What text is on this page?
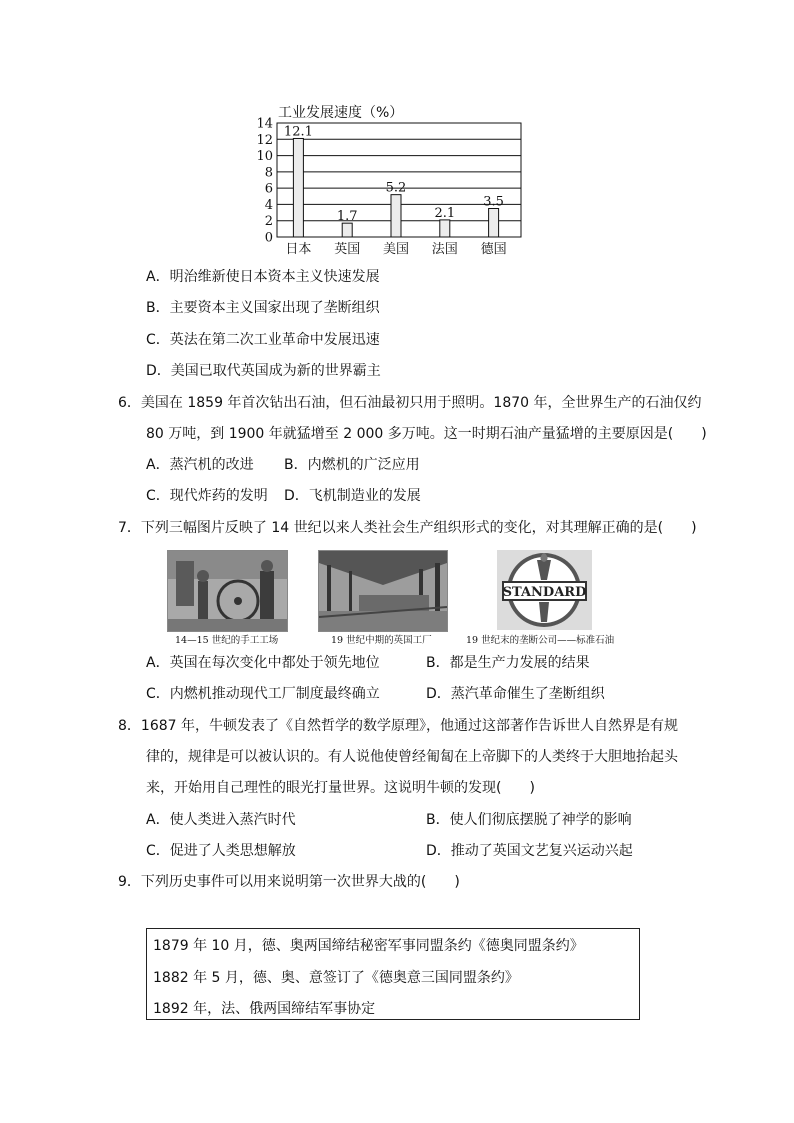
工业发展速度（%）
0
2
4
6
8
10
12
14
12.1
日本
1.7
英国
5.2
美国
2.1
法国
3.5
德国
A．明治维新使日本资本主义快速发展
B．主要资本主义国家出现了垄断组织
C．英法在第二次工业革命中发展迅速
D．美国已取代英国成为新的世界霸主
6．美国在 1859 年首次钻出石油，但石油最初只用于照明。1870 年，全世界生产的石油仅约
80 万吨，到 1900 年就猛增至 2 000 多万吨。这一时期石油产量猛增的主要原因是(　　)
A．蒸汽机的改进 B．内燃机的广泛应用
C．现代炸药的发明 D．飞机制造业的发展
7．下列三幅图片反映了 14 世纪以来人类社会生产组织形式的变化，对其理解正确的是(　　)
STANDARD
14—15 世纪的手工工场	19 世纪中期的英国工厂	19 世纪末的垄断公司——标准石油
A．英国在每次变化中都处于领先地位	B．都是生产力发展的结果
C．内燃机推动现代工厂制度最终确立	D．蒸汽革命催生了垄断组织
8．1687 年，牛顿发表了《自然哲学的数学原理》，他通过这部著作告诉世人自然界是有规
律的，规律是可以被认识的。有人说他使曾经匍匐在上帝脚下的人类终于大胆地抬起头
来，开始用自己理性的眼光打量世界。这说明牛顿的发现(　　)
A．使人类进入蒸汽时代	B．使人们彻底摆脱了神学的影响
C．促进了人类思想解放	D．推动了英国文艺复兴运动兴起
9．下列历史事件可以用来说明第一次世界大战的(　　)
1879 年 10 月，德、奥两国缔结秘密军事同盟条约《德奥同盟条约》
1882 年 5 月，德、奥、意签订了《德奥意三国同盟条约》
1892 年，法、俄两国缔结军事协定
